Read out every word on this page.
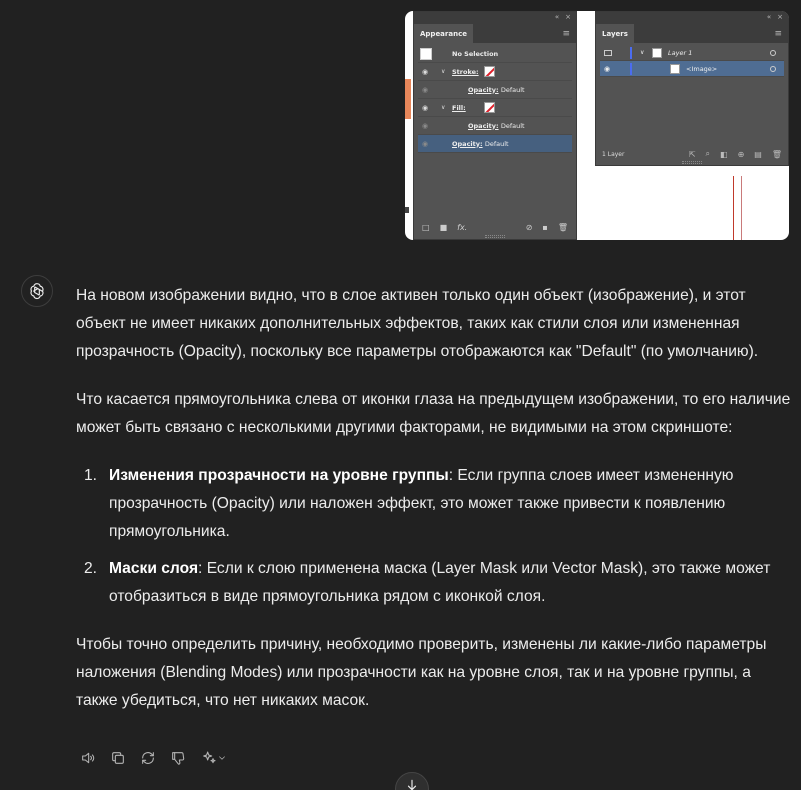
« ×
Appearance	≡
No Selection
◉ ∨ Stroke:
◉	Opacity: Default
◉ ∨ Fill:
◉	Opacity: Default
◉	Opacity: Default
□ ■ fx.	⊘ ▪ 🗑
« ×
Layers	≡
∨	Layer 1
◉	<Image>
1 Layer	⇱ ⌕ ◧ ⊕ ▤ 🗑

На новом изображении видно, что в слое активен только один объект (изображение), и этот объект не имеет никаких дополнительных эффектов, таких как стили слоя или измененная прозрачность (Opacity), поскольку все параметры отображаются как "Default" (по умолчанию).

Что касается прямоугольника слева от иконки глаза на предыдущем изображении, то его наличие может быть связано с несколькими другими факторами, не видимыми на этом скриншоте:

1. Изменения прозрачности на уровне группы: Если группа слоев имеет измененную прозрачность (Opacity) или наложен эффект, это может также привести к появлению прямоугольника.
2. Маски слоя: Если к слою применена маска (Layer Mask или Vector Mask), это также может отобразиться в виде прямоугольника рядом с иконкой слоя.

Чтобы точно определить причину, необходимо проверить, изменены ли какие-либо параметры наложения (Blending Modes) или прозрачности как на уровне слоя, так и на уровне группы, а также убедиться, что нет никаких масок.
